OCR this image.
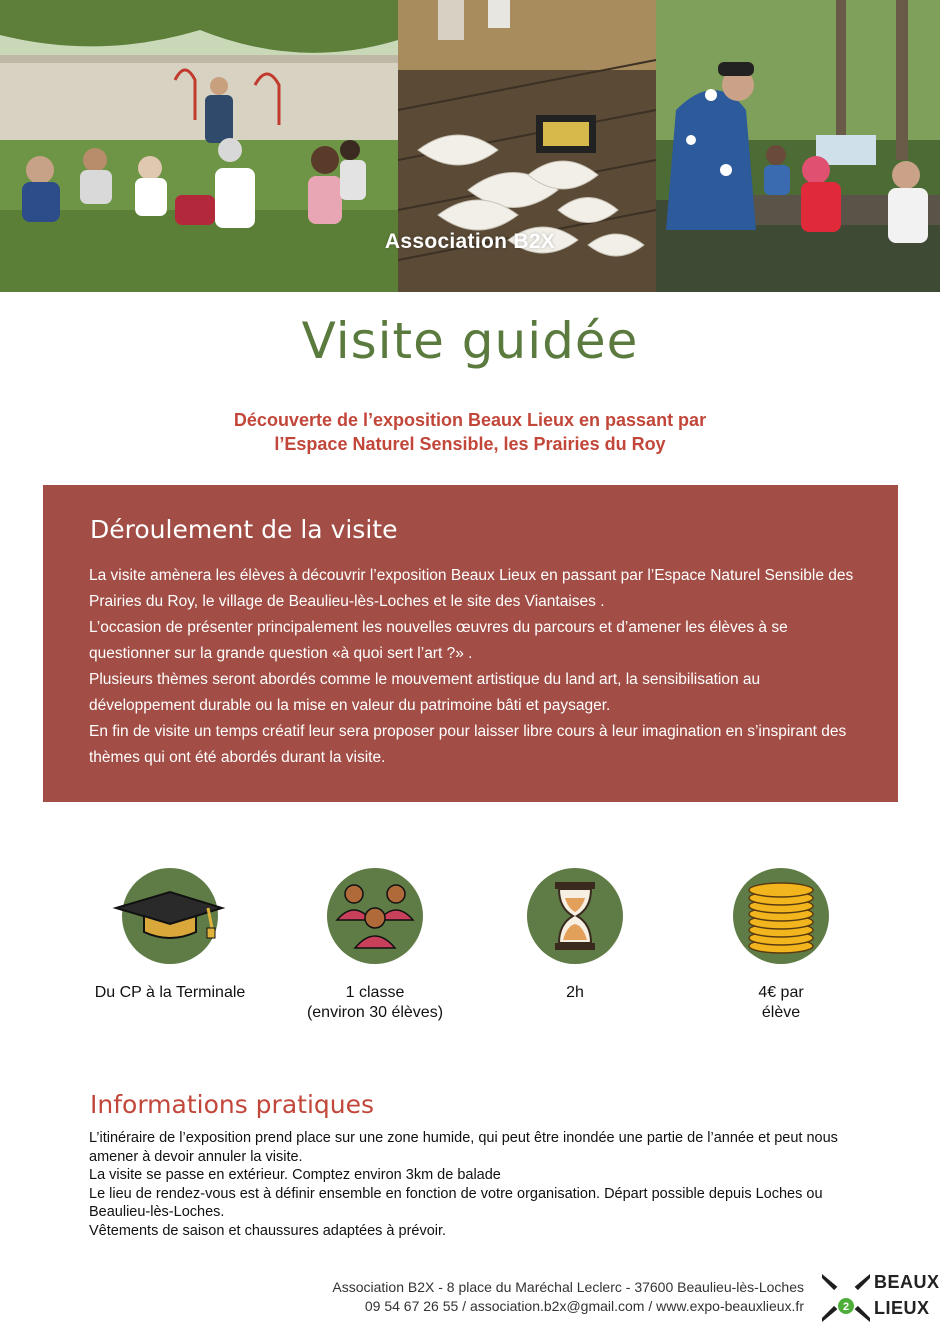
Association B2X
Visite guidée
Découverte de l’exposition Beaux Lieux en passant par
l’Espace Naturel Sensible, les Prairies du Roy
Déroulement de la visite

La visite amènera les élèves à découvrir l’exposition Beaux Lieux en passant par l’Espace Naturel Sensible des Prairies du Roy, le village de Beaulieu-lès-Loches et le site des Viantaises .

L’occasion de présenter principalement les nouvelles œuvres du parcours et d’amener les élèves à se questionner sur la grande question «à quoi sert l’art ?» .

Plusieurs thèmes seront abordés comme le mouvement artistique du land art, la sensibilisation au développement durable ou la mise en valeur du patrimoine bâti et paysager.

En fin de visite un temps créatif leur sera proposer pour laisser libre cours à leur imagination en s’inspirant des thèmes qui ont été abordés durant la visite.

Du CP à la Terminale	1 classe
(environ 30 élèves)
2h	4€ par
élève
Informations pratiques

L’itinéraire de l’exposition prend place sur une zone humide, qui peut être inondée une partie de l’année et peut nous amener à devoir annuler la visite.

La visite se passe en extérieur. Comptez environ 3km de balade

Le lieu de rendez-vous est à définir ensemble en fonction de votre organisation. Départ possible depuis Loches ou Beaulieu-lès-Loches.

Vêtements de saison et chaussures adaptées à prévoir.

Association B2X - 8 place du Maréchal Leclerc - 37600 Beaulieu-lès-Loches
09 54 67 26 55 / association.b2x@gmail.com / www.expo-beauxlieux.fr	2
BEAUX
LIEUX
